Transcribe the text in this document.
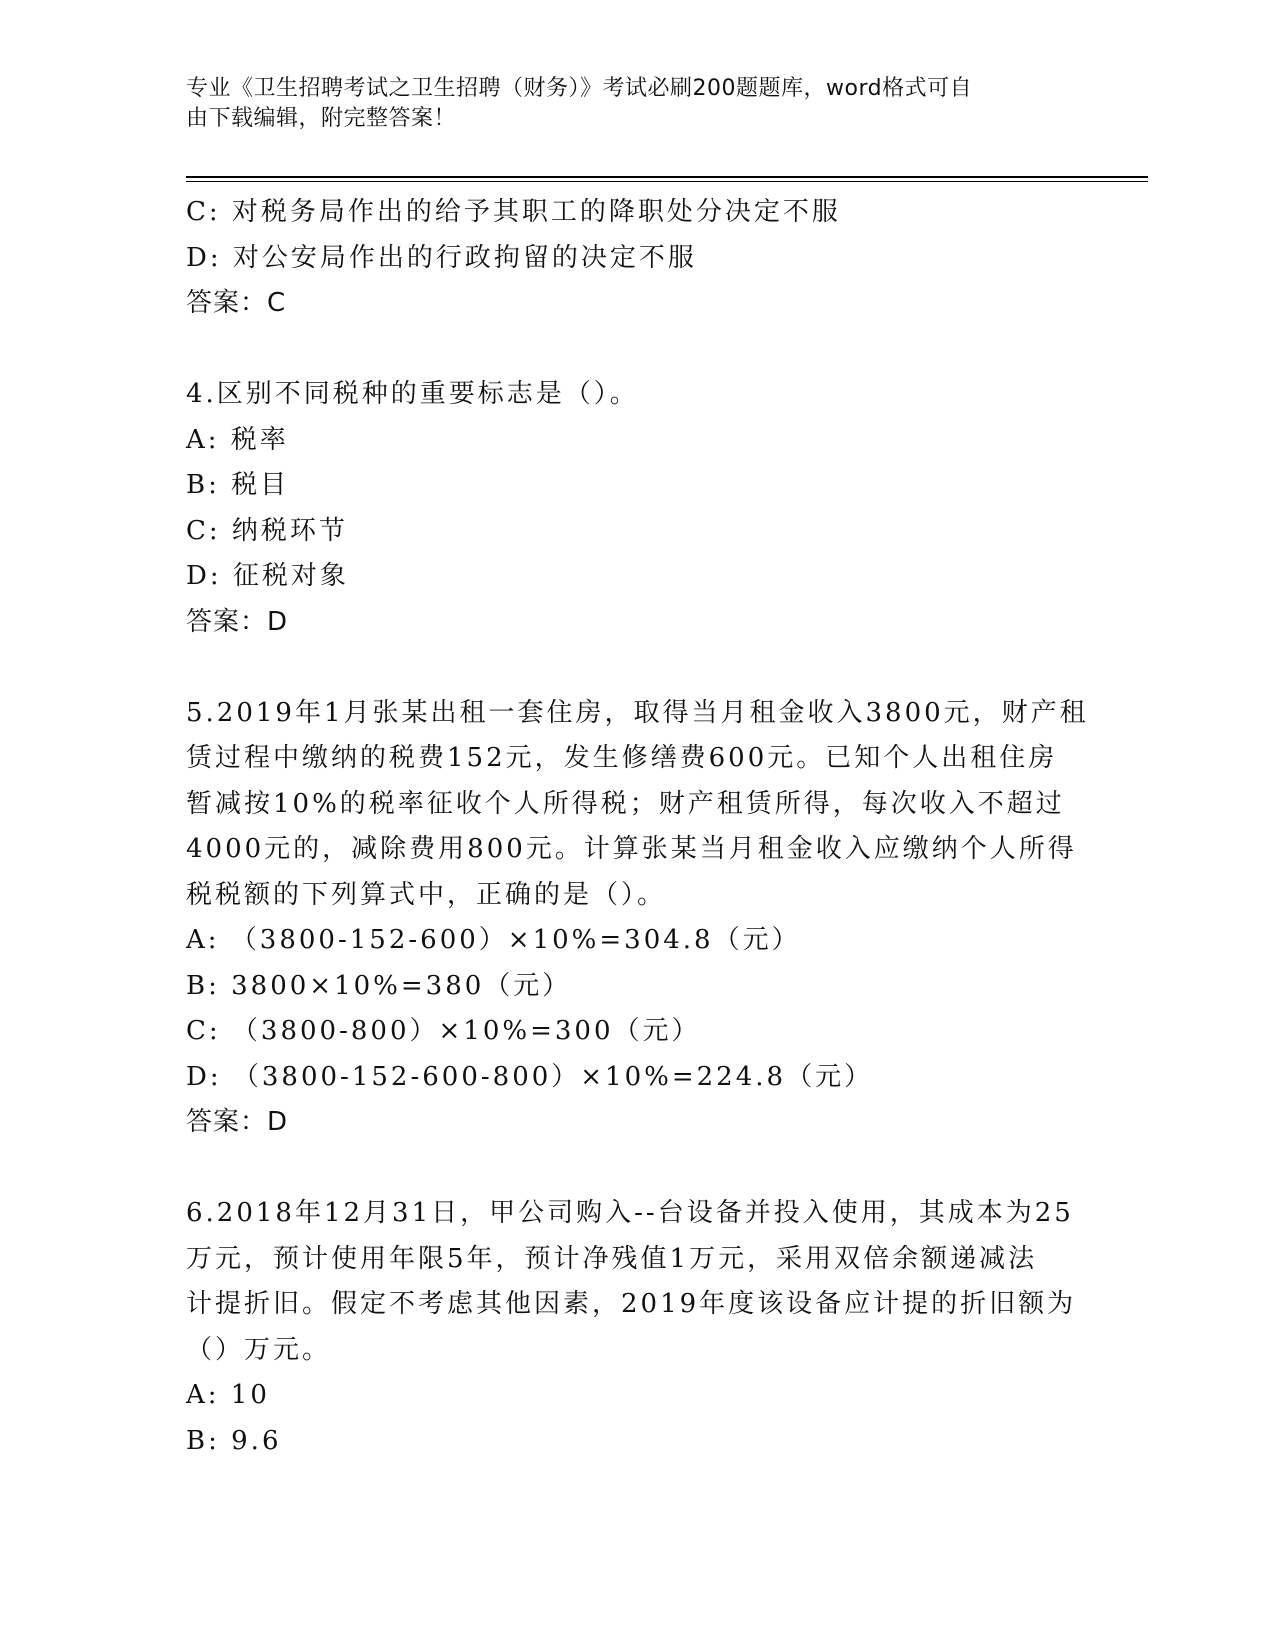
专业《卫生招聘考试之卫生招聘（财务）》考试必刷200题题库，word格式可自
由下载编辑，附完整答案！
C: 对税务局作出的给予其职工的降职处分决定不服
D: 对公安局作出的行政拘留的决定不服
答案：C
4.区别不同税种的重要标志是（）。
A: 税率
B: 税目
C: 纳税环节
D: 征税对象
答案：D
5.2019年1月张某出租一套住房，取得当月租金收入3800元，财产租
赁过程中缴纳的税费152元，发生修缮费600元。已知个人出租住房
暂减按10%的税率征收个人所得税；财产租赁所得，每次收入不超过
4000元的，减除费用800元。计算张某当月租金收入应缴纳个人所得
税税额的下列算式中，正确的是（）。
A: （3800-152-600）×10%=304.8（元）
B: 3800×10%=380（元）
C: （3800-800）×10%=300（元）
D: （3800-152-600-800）×10%=224.8（元）
答案：D
6.2018年12月31日，甲公司购入--台设备并投入使用，其成本为25
万元，预计使用年限5年，预计净残值1万元，采用双倍余额递减法
计提折旧。假定不考虑其他因素，2019年度该设备应计提的折旧额为
（）万元。
A: 10
B: 9.6
